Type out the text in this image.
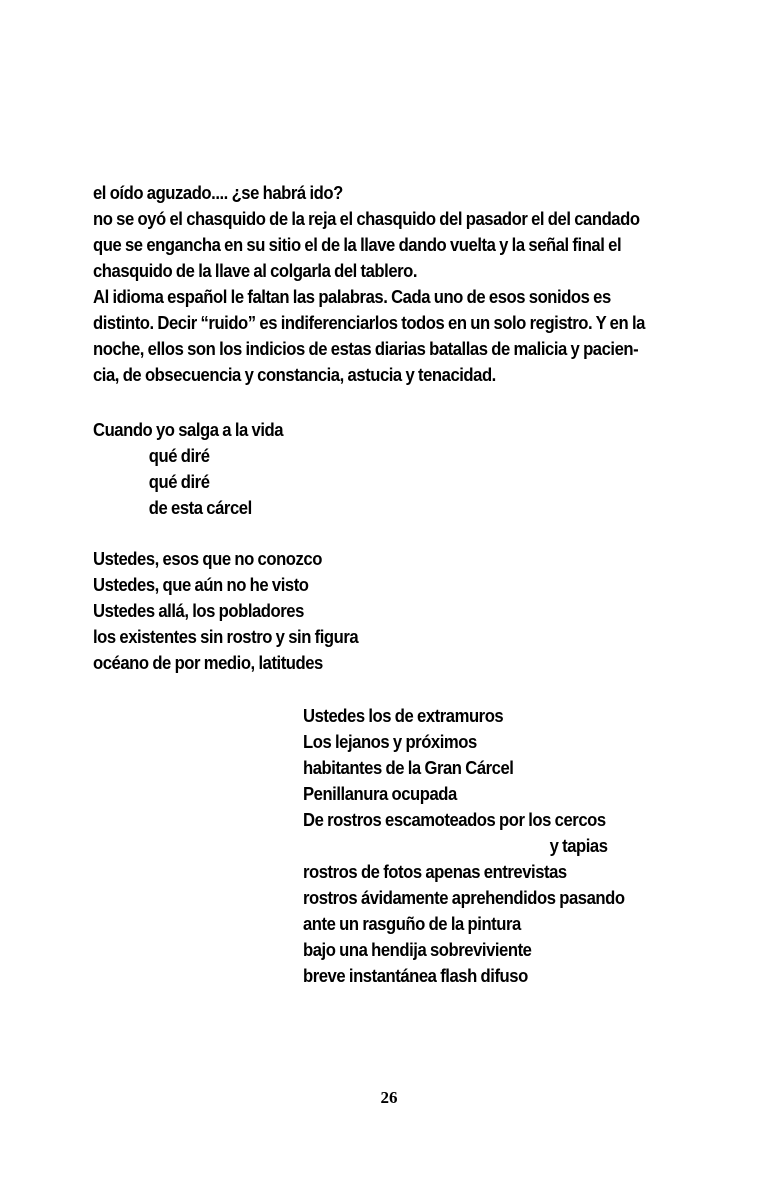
el oído aguzado.... ¿se habrá ido?
no se oyó el chasquido de la reja el chasquido del pasador el del candado
que se engancha en su sitio el de la llave dando vuelta y la señal final el
chasquido de la llave al colgarla del tablero.
Al idioma español le faltan las palabras. Cada uno de esos sonidos es
distinto. Decir “ruido” es indiferenciarlos todos en un solo registro. Y en la
noche, ellos son los indicios de estas diarias batallas de malicia y pacien-
cia, de obsecuencia y constancia, astucia y tenacidad.
Cuando yo salga a la vida
qué diré
qué diré
de esta cárcel
Ustedes, esos que no conozco
Ustedes, que aún no he visto
Ustedes allá, los pobladores
los existentes sin rostro y sin figura
océano de por medio, latitudes
Ustedes los de extramuros
Los lejanos y próximos
habitantes de la Gran Cárcel
Penillanura ocupada
De rostros escamoteados por los cercos
y tapias
rostros de fotos apenas entrevistas
rostros ávidamente aprehendidos pasando
ante un rasguño de la pintura
bajo una hendija sobreviviente
breve instantánea flash difuso

26
